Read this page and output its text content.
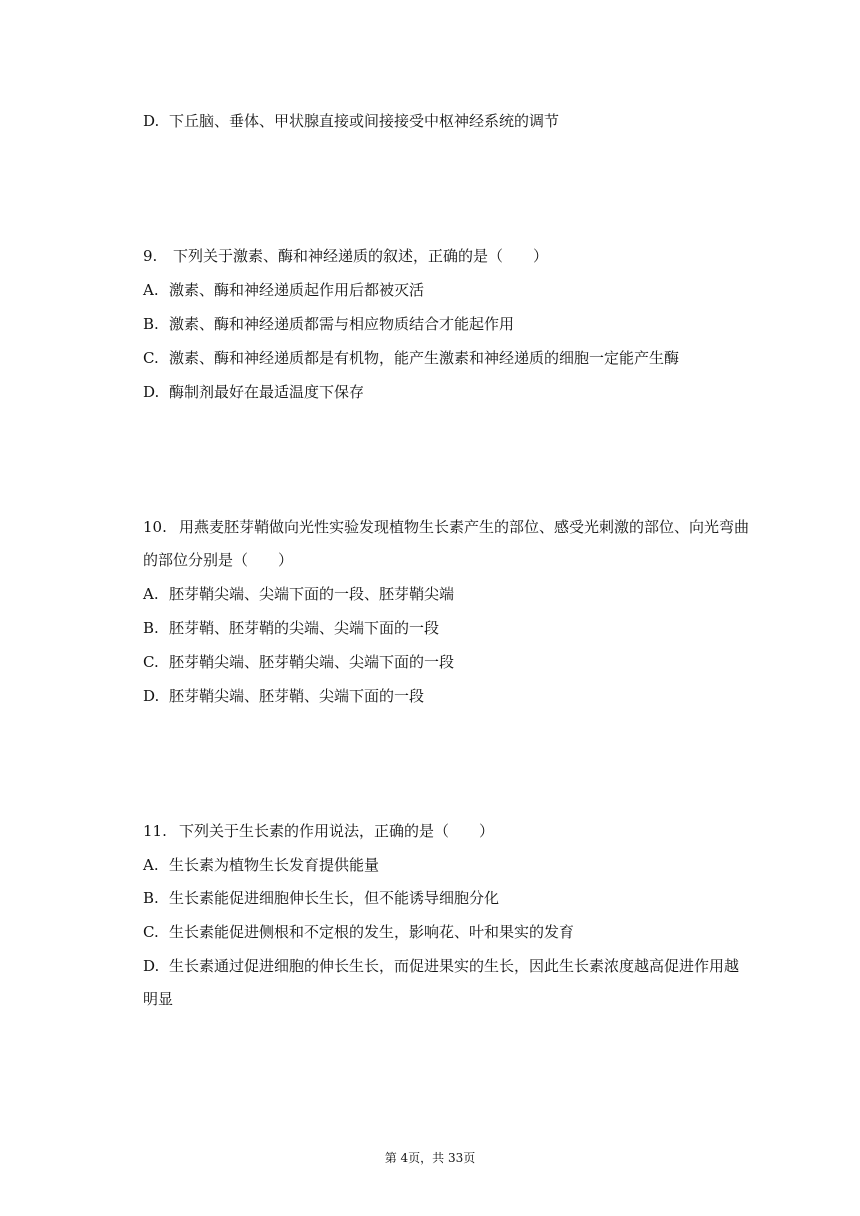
D. 下丘脑、垂体、甲状腺直接或间接接受中枢神经系统的调节
9. 下列关于激素、酶和神经递质的叙述，正确的是（　　）
A. 激素、酶和神经递质起作用后都被灭活
B. 激素、酶和神经递质都需与相应物质结合才能起作用
C. 激素、酶和神经递质都是有机物，能产生激素和神经递质的细胞一定能产生酶
D. 酶制剂最好在最适温度下保存
10. 用燕麦胚芽鞘做向光性实验发现植物生长素产生的部位、感受光刺激的部位、向光弯曲
的部位分别是（　　）
A. 胚芽鞘尖端、尖端下面的一段、胚芽鞘尖端
B. 胚芽鞘、胚芽鞘的尖端、尖端下面的一段
C. 胚芽鞘尖端、胚芽鞘尖端、尖端下面的一段
D. 胚芽鞘尖端、胚芽鞘、尖端下面的一段
11. 下列关于生长素的作用说法，正确的是（　　）
A. 生长素为植物生长发育提供能量
B. 生长素能促进细胞伸长生长，但不能诱导细胞分化
C. 生长素能促进侧根和不定根的发生，影响花、叶和果实的发育
D. 生长素通过促进细胞的伸长生长，而促进果实的生长，因此生长素浓度越高促进作用越
明显
第 4页，共 33页
